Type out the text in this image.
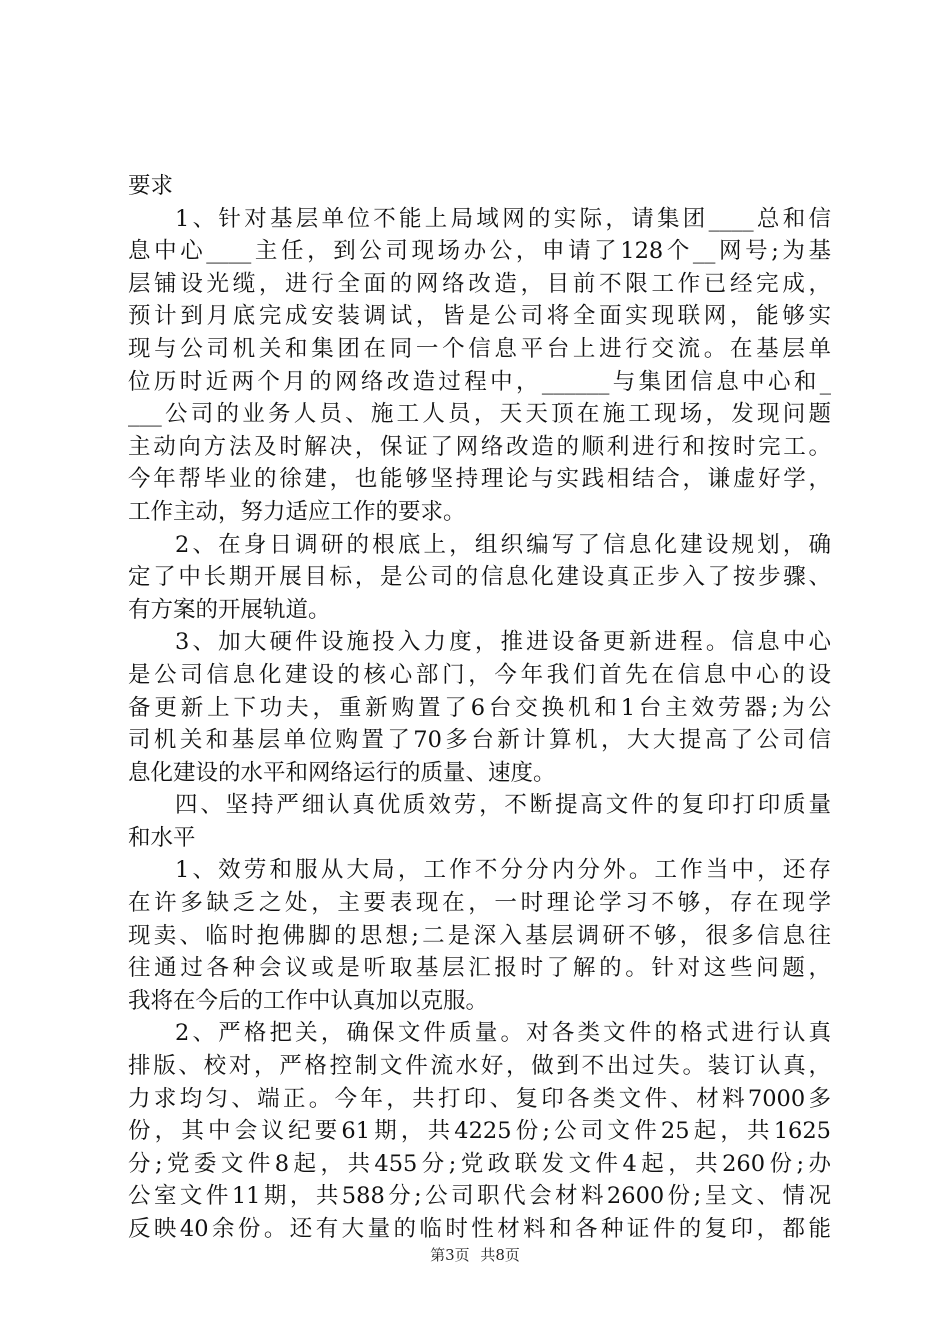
要求
1、针对基层单位不能上局域网的实际，请集团____总和信
息中心____主任，到公司现场办公，申请了128个__网号;为基
层铺设光缆，进行全面的网络改造，目前不限工作已经完成，
预计到月底完成安装调试，皆是公司将全面实现联网，能够实
现与公司机关和集团在同一个信息平台上进行交流。在基层单
位历时近两个月的网络改造过程中，______与集团信息中心和_
___公司的业务人员、施工人员，天天顶在施工现场，发现问题
主动向方法及时解决，保证了网络改造的顺利进行和按时完工。
今年帮毕业的徐建，也能够坚持理论与实践相结合，谦虚好学，
工作主动，努力适应工作的要求。
2、在身日调研的根底上，组织编写了信息化建设规划，确
定了中长期开展目标，是公司的信息化建设真正步入了按步骤、
有方案的开展轨道。
3、加大硬件设施投入力度，推进设备更新进程。信息中心
是公司信息化建设的核心部门，今年我们首先在信息中心的设
备更新上下功夫，重新购置了6台交换机和1台主效劳器;为公
司机关和基层单位购置了70多台新计算机，大大提高了公司信
息化建设的水平和网络运行的质量、速度。
四、坚持严细认真优质效劳，不断提高文件的复印打印质量
和水平
1、效劳和服从大局，工作不分分内分外。工作当中，还存
在许多缺乏之处，主要表现在，一时理论学习不够，存在现学
现卖、临时抱佛脚的思想;二是深入基层调研不够，很多信息往
往通过各种会议或是听取基层汇报时了解的。针对这些问题，
我将在今后的工作中认真加以克服。
2、严格把关，确保文件质量。对各类文件的格式进行认真
排版、校对，严格控制文件流水好，做到不出过失。装订认真，
力求均匀、端正。今年，共打印、复印各类文件、材料7000多
份，其中会议纪要61期，共4225份;公司文件25起，共1625
分;党委文件8起，共455分;党政联发文件4起，共260份;办
公室文件11期，共588分;公司职代会材料2600份;呈文、情况
反映40余份。还有大量的临时性材料和各种证件的复印，都能
第3页 共8页
